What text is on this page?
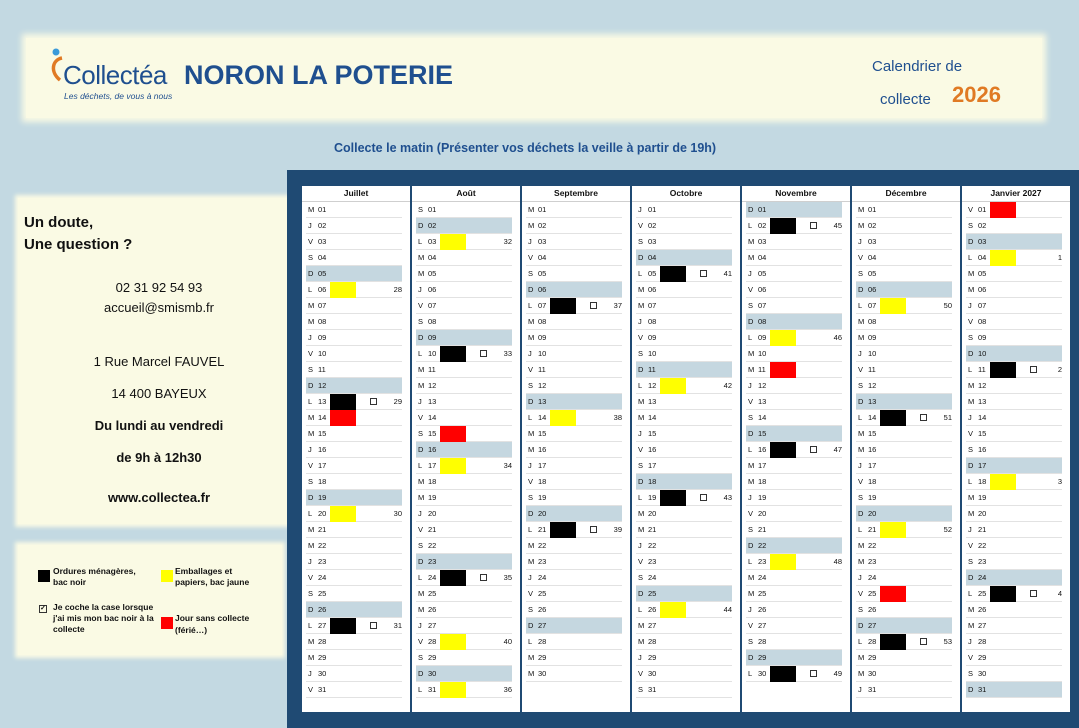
Collectéa
Les déchets, de vous à nous
NORON LA POTERIE	Calendrier de
collecte 2026
Collecte le matin (Présenter vos déchets la veille à partir de 19h)
Un doute,
Une question ?
02 31 92 54 93
accueil@smismb.fr
1 Rue Marcel FAUVEL
14 400 BAYEUX
Du lundi au vendredi
de 9h à 12h30
www.collectea.fr
Ordures ménagères,
bac noir
Emballages et
papiers, bac jaune
✓ Je coche la case lorsque
j'ai mis mon bac noir à la
collecte
Jour sans collecte
(férié…)
Juillet
M 01
J 02
V 03
S 04
D 05
L 06	28
M 07
M 08
J 09
V 10
S 11
D 12
L 13	29
M 14
M 15
J 16
V 17
S 18
D 19
L 20	30
M 21
M 22
J 23
V 24
S 25
D 26
L 27	31
M 28
M 29
J 30
V 31
Août
S 01
D 02
L 03	32
M 04
M 05
J 06
V 07
S 08
D 09
L 10	33
M 11
M 12
J 13
V 14
S 15
D 16
L 17	34
M 18
M 19
J 20
V 21
S 22
D 23
L 24	35
M 25
M 26
J 27
V 28	40
S 29
D 30
L 31	36
Septembre
M 01
M 02
J 03
V 04
S 05
D 06
L 07	37
M 08
M 09
J 10
V 11
S 12
D 13
L 14	38
M 15
M 16
J 17
V 18
S 19
D 20
L 21	39
M 22
M 23
J 24
V 25
S 26
D 27
L 28
M 29
M 30
Octobre
J 01
V 02
S 03
D 04
L 05	41
M 06
M 07
J 08
V 09
S 10
D 11
L 12	42
M 13
M 14
J 15
V 16
S 17
D 18
L 19	43
M 20
M 21
J 22
V 23
S 24
D 25
L 26	44
M 27
M 28
J 29
V 30
S 31
Novembre
D 01
L 02	45
M 03
M 04
J 05
V 06
S 07
D 08
L 09	46
M 10
M 11
J 12
V 13
S 14
D 15
L 16	47
M 17
M 18
J 19
V 20
S 21
D 22
L 23	48
M 24
M 25
J 26
V 27
S 28
D 29
L 30	49
Décembre
M 01
M 02
J 03
V 04
S 05
D 06
L 07	50
M 08
M 09
J 10
V 11
S 12
D 13
L 14	51
M 15
M 16
J 17
V 18
S 19
D 20
L 21	52
M 22
M 23
J 24
V 25
S 26
D 27
L 28	53
M 29
M 30
J 31
Janvier 2027
V 01
S 02
D 03
L 04	1
M 05
M 06
J 07
V 08
S 09
D 10
L 11	2
M 12
M 13
J 14
V 15
S 16
D 17
L 18	3
M 19
M 20
J 21
V 22
S 23
D 24
L 25	4
M 26
M 27
J 28
V 29
S 30
D 31
